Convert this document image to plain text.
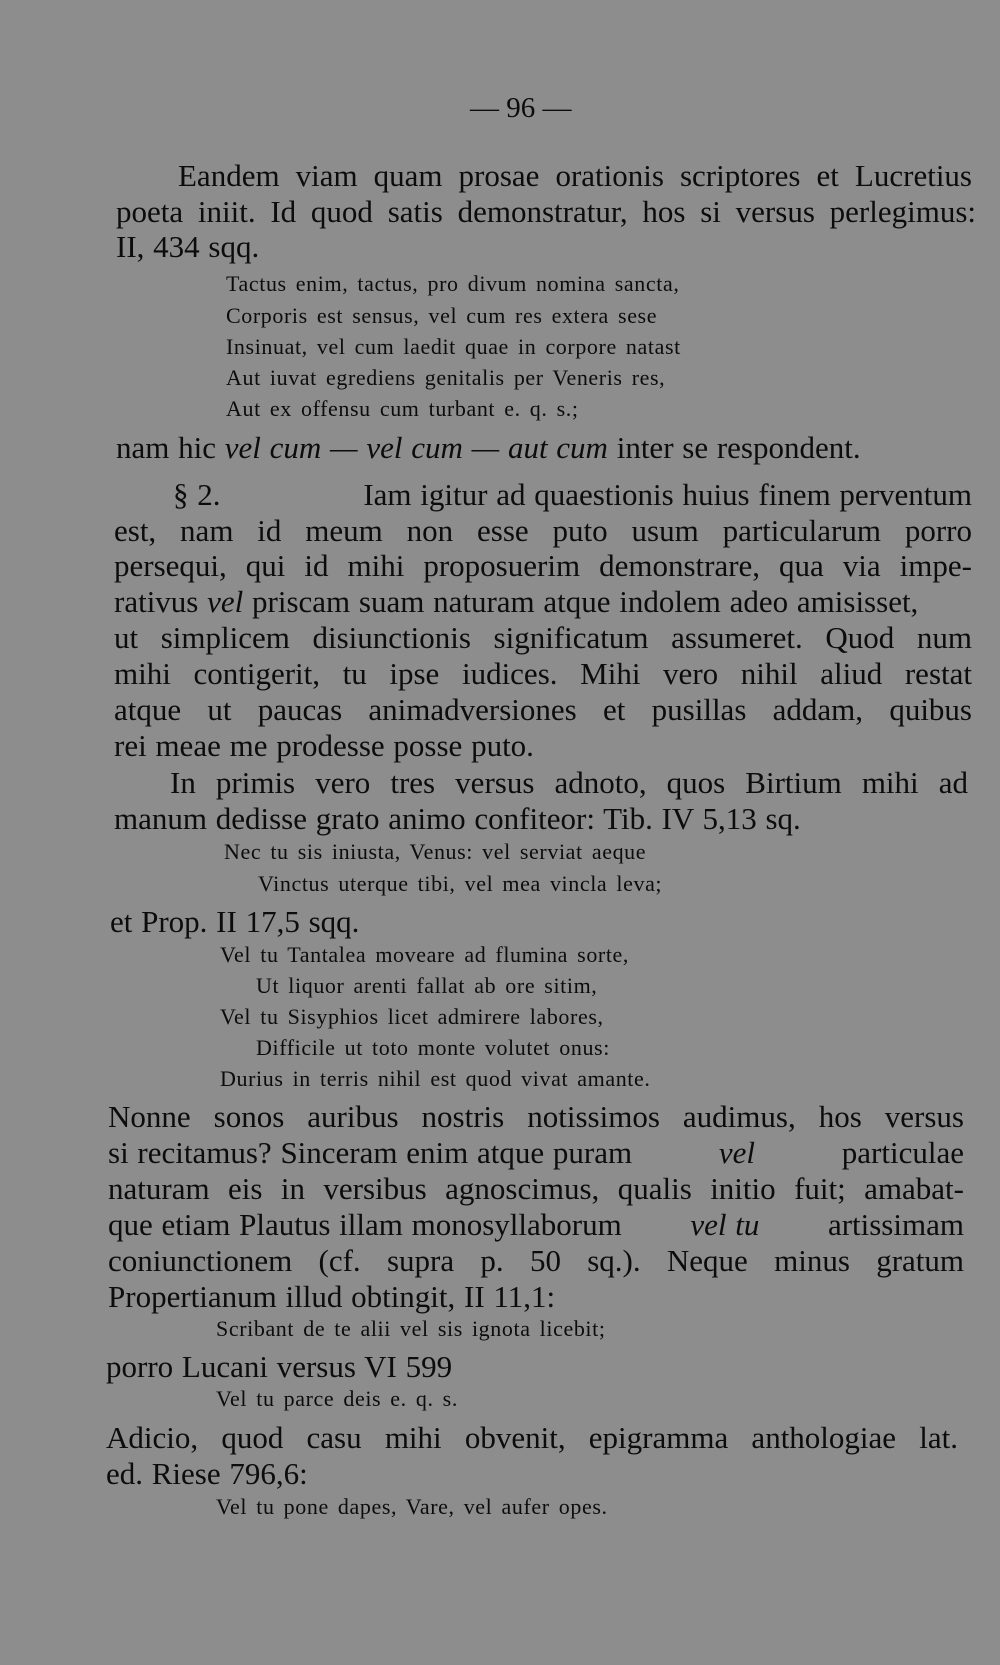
— 96 —
Eandem viam quam prosae orationis scriptores et Lucretius
poeta iniit. Id quod satis demonstratur, hos si versus perlegimus:
II, 434 sqq.
Tactus enim, tactus, pro divum nomina sancta,
Corporis est sensus, vel cum res extera sese
Insinuat, vel cum laedit quae in corpore natast
Aut iuvat egrediens genitalis per Veneris res,
Aut ex offensu cum turbant e. q. s.;
nam hic vel cum — vel cum — aut cum inter se respondent.
§ 2.	Iam igitur ad quaestionis huius finem perventum
est, nam id meum non esse puto usum particularum porro
persequi, qui id mihi proposuerim demonstrare, qua via impe-
rativus vel priscam suam naturam atque indolem adeo amisisset,
ut simplicem disiunctionis significatum assumeret. Quod num
mihi contigerit, tu ipse iudices. Mihi vero nihil aliud restat
atque ut paucas animadversiones et pusillas addam, quibus
rei meae me prodesse posse puto.
In primis vero tres versus adnoto, quos Birtium mihi ad
manum dedisse grato animo confiteor: Tib. IV 5,13 sq.
Nec tu sis iniusta, Venus: vel serviat aeque
Vinctus uterque tibi, vel mea vincla leva;
et Prop. II 17,5 sqq.
Vel tu Tantalea moveare ad flumina sorte,
Ut liquor arenti fallat ab ore sitim,
Vel tu Sisyphios licet admirere labores,
Difficile ut toto monte volutet onus:
Durius in terris nihil est quod vivat amante.
Nonne sonos auribus nostris notissimos audimus, hos versus
si recitamus? Sinceram enim atque puram	vel	particulae
naturam eis in versibus agnoscimus, qualis initio fuit; amabat-
que etiam Plautus illam monosyllaborum vel tu artissimam
coniunctionem (cf. supra p. 50 sq.). Neque minus gratum
Propertianum illud obtingit, II 11,1:
Scribant de te alii vel sis ignota licebit;
porro Lucani versus VI 599
Vel tu parce deis e. q. s.
Adicio, quod casu mihi obvenit, epigramma anthologiae lat.
ed. Riese 796,6:
Vel tu pone dapes, Vare, vel aufer opes.
